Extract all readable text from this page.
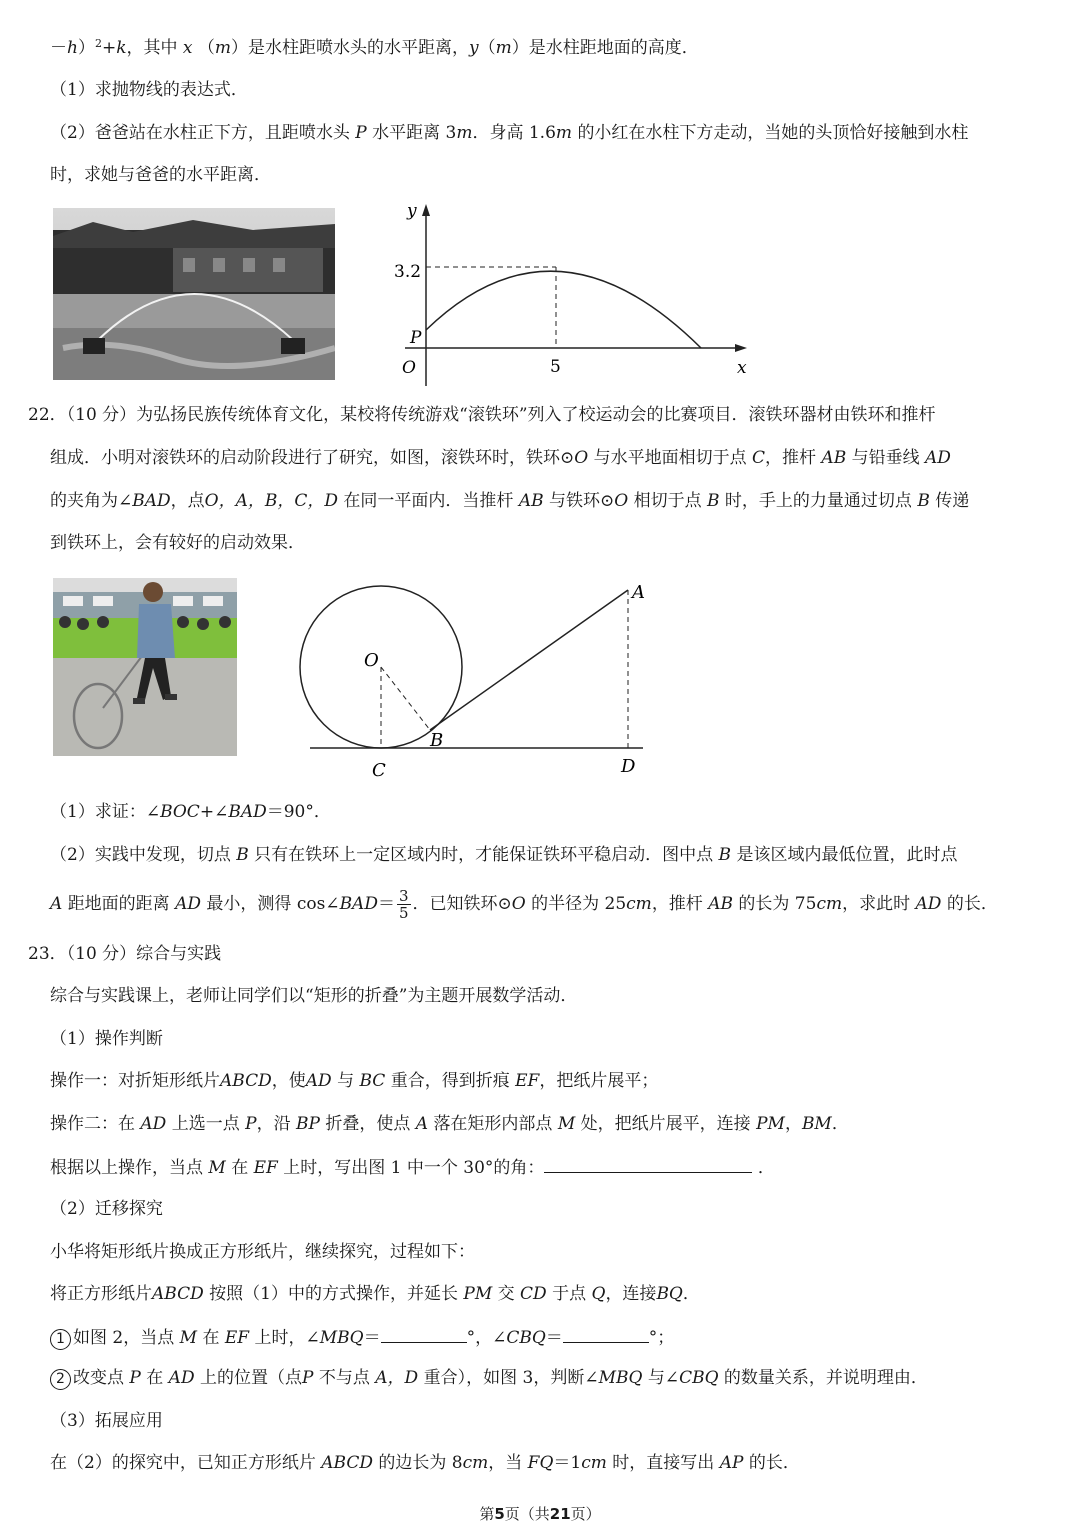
－h）$^2$+k，其中 x （m）是水柱距喷水头的水平距离，y（m）是水柱距地面的高度．
（1）求抛物线的表达式．
（2）爸爸站在水柱正下方，且距喷水头 P 水平距离 3m．身高 1.6m 的小红在水柱下方走动，当她的头顶恰好接触到水柱
时，求她与爸爸的水平距离．
y
x
O
P
3.2
5
22．（10 分）为弘扬民族传统体育文化，某校将传统游戏“滚铁环”列入了校运动会的比赛项目．滚铁环器材由铁环和推杆
组成．小明对滚铁环的启动阶段进行了研究，如图，滚铁环时，铁环⊙O 与水平地面相切于点 C，推杆 AB 与铅垂线 AD
的夹角为∠BAD，点O，A，B，C，D 在同一平面内．当推杆 AB 与铁环⊙O 相切于点 B 时，手上的力量通过切点 B 传递
到铁环上，会有较好的启动效果．
A
O
B
C	D
（1）求证：∠BOC+∠BAD＝90°．
（2）实践中发现，切点 B 只有在铁环上一定区域内时，才能保证铁环平稳启动．图中点 B 是该区域内最低位置，此时点
A 距地面的距离 AD 最小，测得 cos∠BAD＝ $\frac{3}{5}$ ．已知铁环⊙O 的半径为 25cm，推杆 AB 的长为 75cm，求此时 AD 的长．
23．（10 分）综合与实践
综合与实践课上，老师让同学们以“矩形的折叠”为主题开展数学活动．
（1）操作判断
操作一：对折矩形纸片ABCD，使AD 与 BC 重合，得到折痕 EF，把纸片展平；
操作二：在 AD 上选一点 P，沿 BP 折叠，使点 A 落在矩形内部点 M 处，把纸片展平，连接 PM，BM．
根据以上操作，当点 M 在 EF 上时，写出图 1 中一个 30°的角：	．
（2）迁移探究
小华将矩形纸片换成正方形纸片，继续探究，过程如下：
将正方形纸片ABCD 按照（1）中的方式操作，并延长 PM 交 CD 于点 Q，连接BQ．
1 如图 2，当点 M 在 EF 上时，∠MBQ＝	°，∠CBQ＝	°；
2 改变点 P 在 AD 上的位置（点P 不与点 A，D 重合），如图 3，判断∠MBQ 与∠CBQ 的数量关系，并说明理由．
（3）拓展应用
在（2）的探究中，已知正方形纸片 ABCD 的边长为 8cm，当 FQ＝1cm 时，直接写出 AP 的长．
第5页（共21页）
